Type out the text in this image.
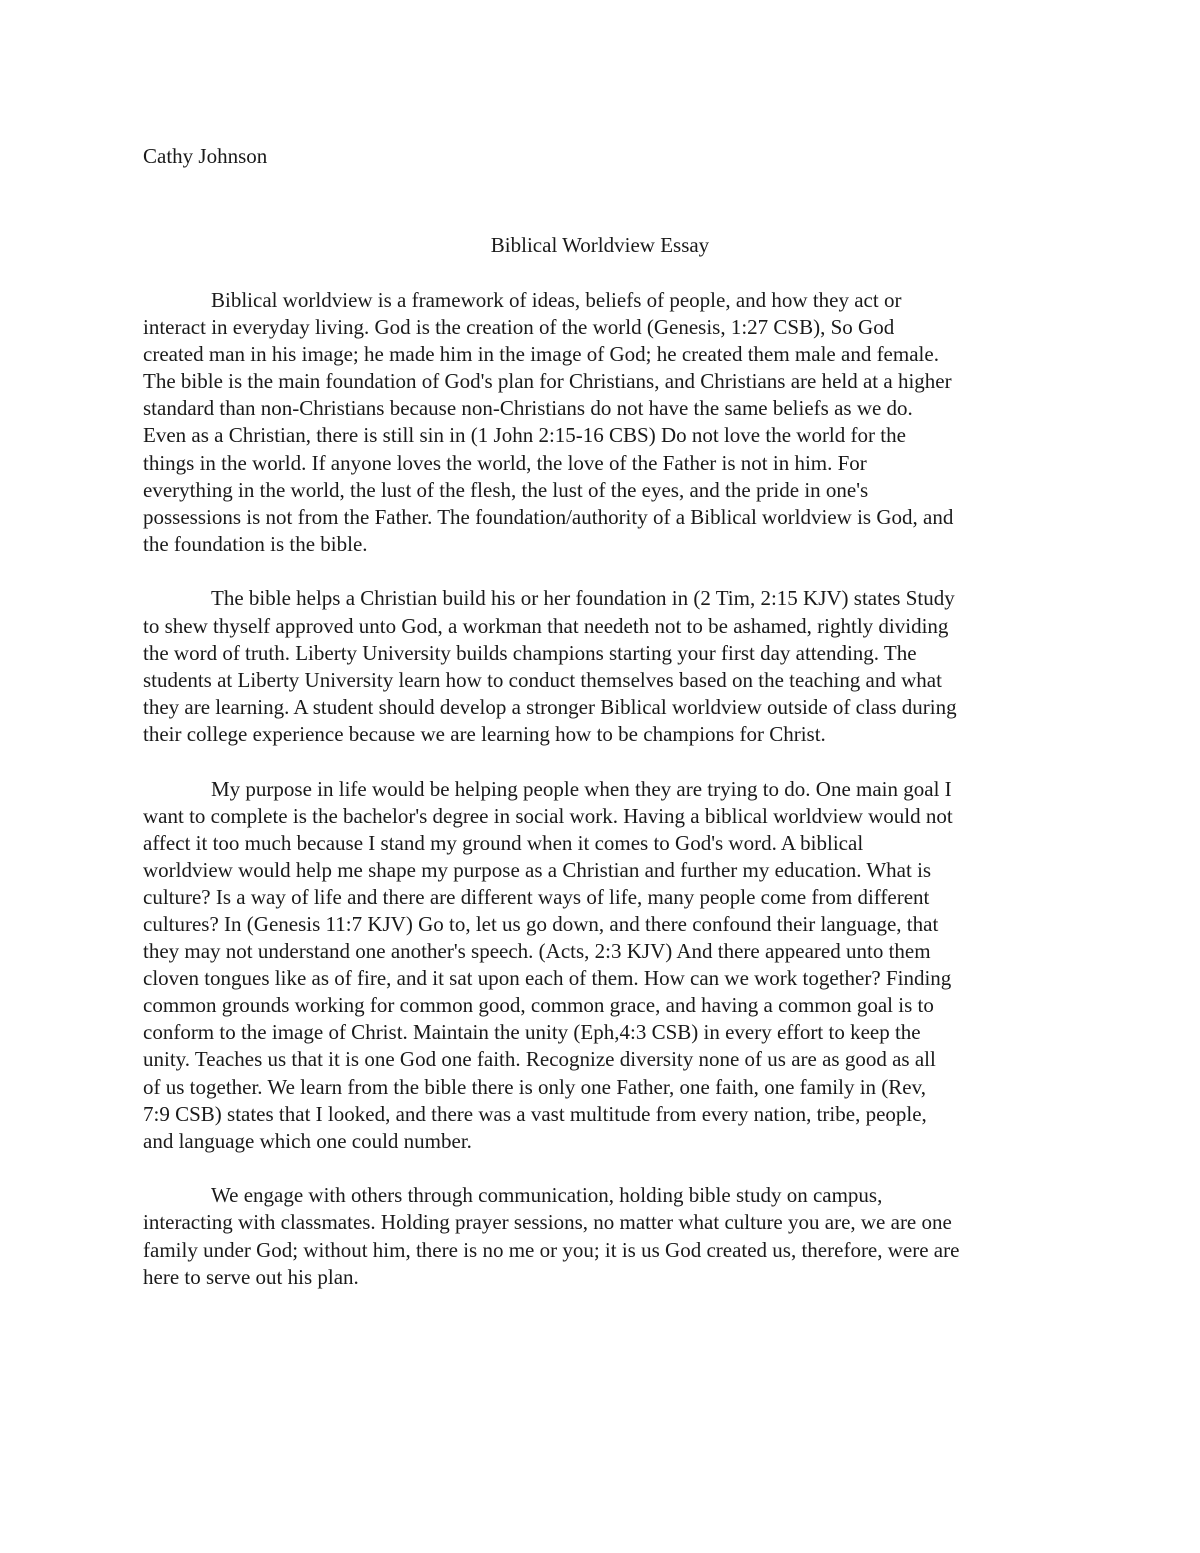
Cathy Johnson

Biblical Worldview Essay

Biblical worldview is a framework of ideas, beliefs of people, and how they act or
interact in everyday living. God is the creation of the world (Genesis, 1:27 CSB), So God
created man in his image; he made him in the image of God; he created them male and female.
The bible is the main foundation of God's plan for Christians, and Christians are held at a higher
standard than non-Christians because non-Christians do not have the same beliefs as we do.
Even as a Christian, there is still sin in (1 John 2:15-16 CBS) Do not love the world for the
things in the world. If anyone loves the world, the love of the Father is not in him. For
everything in the world, the lust of the flesh, the lust of the eyes, and the pride in one's
possessions is not from the Father. The foundation/authority of a Biblical worldview is God, and
the foundation is the bible.

The bible helps a Christian build his or her foundation in (2 Tim, 2:15 KJV) states Study
to shew thyself approved unto God, a workman that needeth not to be ashamed, rightly dividing
the word of truth. Liberty University builds champions starting your first day attending. The
students at Liberty University learn how to conduct themselves based on the teaching and what
they are learning. A student should develop a stronger Biblical worldview outside of class during
their college experience because we are learning how to be champions for Christ.

My purpose in life would be helping people when they are trying to do. One main goal I
want to complete is the bachelor's degree in social work. Having a biblical worldview would not
affect it too much because I stand my ground when it comes to God's word. A biblical
worldview would help me shape my purpose as a Christian and further my education. What is
culture? Is a way of life and there are different ways of life, many people come from different
cultures? In (Genesis 11:7 KJV) Go to, let us go down, and there confound their language, that
they may not understand one another's speech. (Acts, 2:3 KJV) And there appeared unto them
cloven tongues like as of fire, and it sat upon each of them. How can we work together? Finding
common grounds working for common good, common grace, and having a common goal is to
conform to the image of Christ. Maintain the unity (Eph,4:3 CSB) in every effort to keep the
unity. Teaches us that it is one God one faith. Recognize diversity none of us are as good as all
of us together. We learn from the bible there is only one Father, one faith, one family in (Rev,
7:9 CSB) states that I looked, and there was a vast multitude from every nation, tribe, people,
and language which one could number.

We engage with others through communication, holding bible study on campus,
interacting with classmates. Holding prayer sessions, no matter what culture you are, we are one
family under God; without him, there is no me or you; it is us God created us, therefore, were are
here to serve out his plan.
